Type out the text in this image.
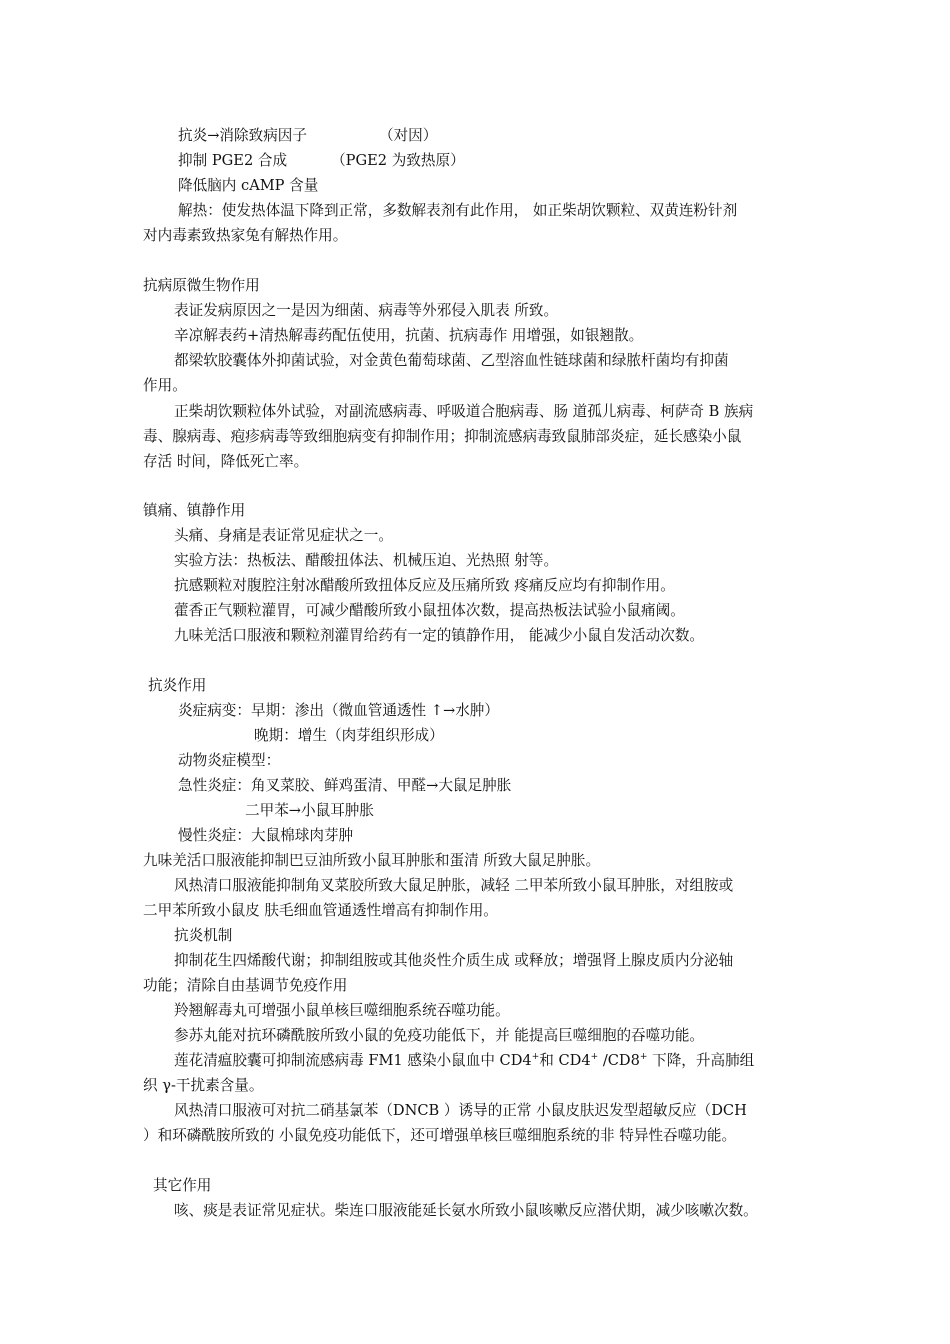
抗炎→消除致病因子	（对因）
抑制 PGE2 合成	（PGE2 为致热原）
降低脑内 cAMP 含量
解热：使发热体温下降到正常，多数解表剂有此作用， 如正柴胡饮颗粒、双黄连粉针剂
对内毒素致热家兔有解热作用。
抗病原微生物作用
表证发病原因之一是因为细菌、病毒等外邪侵入肌表 所致。
辛凉解表药+清热解毒药配伍使用，抗菌、抗病毒作 用增强，如银翘散。
都梁软胶囊体外抑菌试验，对金黄色葡萄球菌、乙型溶血性链球菌和绿脓杆菌均有抑菌
作用。
正柴胡饮颗粒体外试验，对副流感病毒、呼吸道合胞病毒、肠 道孤儿病毒、柯萨奇 B 族病
毒、腺病毒、疱疹病毒等致细胞病变有抑制作用；抑制流感病毒致鼠肺部炎症，延长感染小鼠
存活 时间，降低死亡率。
镇痛、镇静作用
头痛、身痛是表证常见症状之一。
实验方法：热板法、醋酸扭体法、机械压迫、光热照 射等。
抗感颗粒对腹腔注射冰醋酸所致扭体反应及压痛所致 疼痛反应均有抑制作用。
藿香正气颗粒灌胃，可减少醋酸所致小鼠扭体次数，提高热板法试验小鼠痛阈。
九味羌活口服液和颗粒剂灌胃给药有一定的镇静作用， 能减少小鼠自发活动次数。
抗炎作用
炎症病变：早期：渗出（微血管通透性 ↑→水肿）
晚期：增生（肉芽组织形成）
动物炎症模型：
急性炎症：角叉菜胶、鲜鸡蛋清、甲醛→大鼠足肿胀
二甲苯→小鼠耳肿胀
慢性炎症：大鼠棉球肉芽肿
九味羌活口服液能抑制巴豆油所致小鼠耳肿胀和蛋清 所致大鼠足肿胀。
风热清口服液能抑制角叉菜胶所致大鼠足肿胀，减轻 二甲苯所致小鼠耳肿胀，对组胺或
二甲苯所致小鼠皮 肤毛细血管通透性增高有抑制作用。
抗炎机制
抑制花生四烯酸代谢；抑制组胺或其他炎性介质生成 或释放；增强肾上腺皮质内分泌轴
功能；清除自由基调节免疫作用
羚翘解毒丸可增强小鼠单核巨噬细胞系统吞噬功能。
参苏丸能对抗环磷酰胺所致小鼠的免疫功能低下，并 能提高巨噬细胞的吞噬功能。
莲花清瘟胶囊可抑制流感病毒 FM1 感染小鼠血中 CD4+和 CD4+ /CD8+ 下降，升高肺组
织 γ-干扰素含量。
风热清口服液可对抗二硝基氯苯（DNCB ）诱导的正常 小鼠皮肤迟发型超敏反应（DCH
）和环磷酰胺所致的 小鼠免疫功能低下，还可增强单核巨噬细胞系统的非 特异性吞噬功能。
其它作用
咳、痰是表证常见症状。柴连口服液能延长氨水所致小鼠咳嗽反应潜伏期，减少咳嗽次数。
